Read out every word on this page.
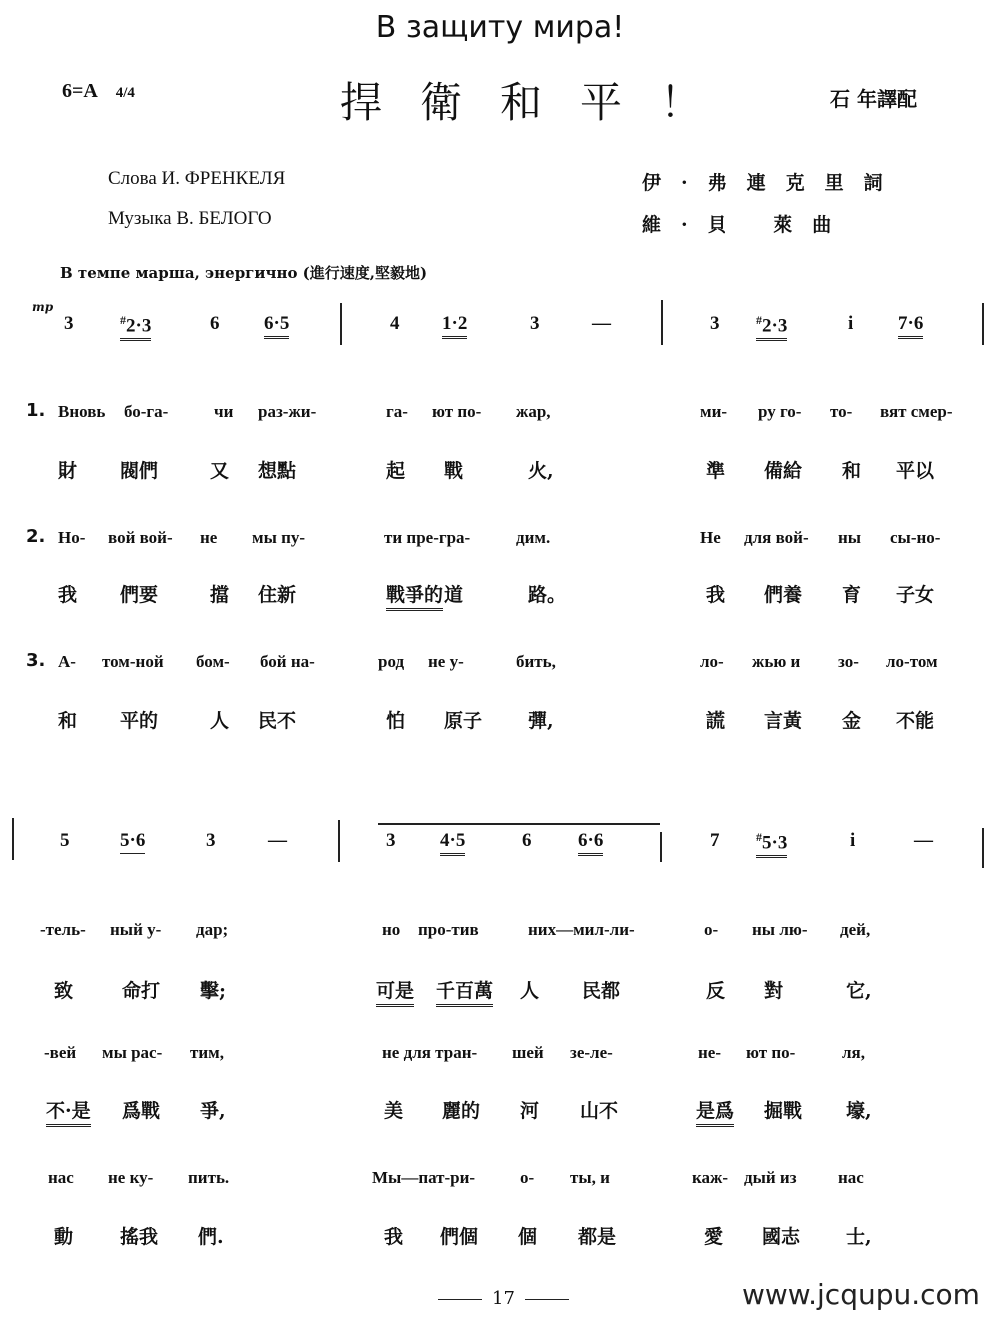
В защиту мира!
6=A 4/4	捍衛和平！	石 年譯配
Слова И. ФРЕНКЕЛЯ
Музыка В. БЕЛОГО
伊·弗連克里詞
維·貝 萊曲
В темпе марша, энергично (進行速度,堅毅地)
mp
3	#2·3	6 6·5	4 1·2	3	—	3	#2·3	i 7·6
1. Вновь бо-га-	чи раз-жи-	га- ют по- жар,	ми- ру го- то- вят смер-
財 閥們	又 想點	起 戰	火,	準 備給 和 平以
2. Но- вой вой- не мы пу-	ти пре-гра-	дим.	Не для вой- ны сы-но-
我 們要	擋 住新	戰爭的 道	路。	我 們養 育 子女
3. А- том-ной бом- бой на-	род не у-	бить,	ло- жью и зо- ло-том
和 平的	人 民不	怕 原子 彈,	謊 言黃 金 不能
5	5·6	3	—	3 4·5	6 6·6	7	#5·3	i	—
-тель- ный у- дар;	но про-тив	них—мил-ли-	о- ны лю- дей,
致	命打 擊;	可是 千百萬 人 民都	反 對	它,
-вей мы рас- тим,	не для тран- шей зе-ле-	не- ют по-	ля,
不·是 爲戰 爭,	美 麗的 河 山不	是爲 掘戰 壕,
нас не ку- пить.	Мы—пат-ри-	о- ты, и	каж- дый из нас
動 搖我 們.	我 們個 個 都是	愛 國志 士,
17	www.jcqupu.com
